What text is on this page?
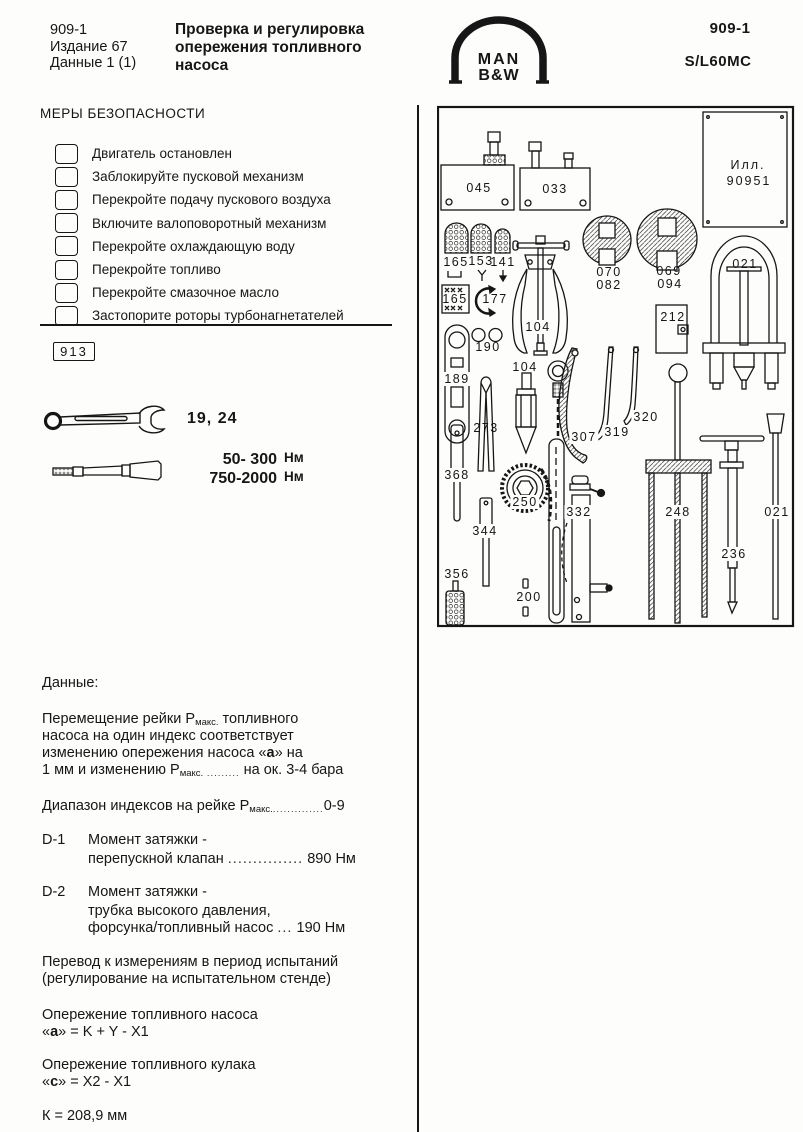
909-1
Издание 67
Данные 1 (1)
Проверка и регулировка
опережения топливного
насоса	MAN
B&W
909-1
S/L60MC
МЕРЫ БЕЗОПАСНОСТИ
Двигатель остановлен
Заблокируйте пусковой механизм
Перекройте подачу пускового воздуха
Включите валоповоротный механизм
Перекройте охлаждающую воду
Перекройте топливо
Перекройте смазочное масло
Застопорите роторы турбонагнетателей
913
19, 24
50- 300 Нм
750-2000 Нм
Данные:
Перемещение рейки $Р_{макс.}$ топливного
насоса на один индекс соответствует
изменению опережения насоса «a» на
1 мм и изменению $Р_{макс.}$ $_{.........}$ на ок. 3-4 бара
Диапазон индексов на рейке $Р_{макс...............}0-9$
D-1 Момент затяжки -
перепускной клапан ............... 890 Нм
D-2 Момент затяжки -
трубка высокого давления,
форсунка/топливный насос ... 190 Нм
Перевод к измерениям в период испытаний
(регулирование на испытательном стенде)
Опережение топливного насоса
«a» = K + Y - X1
Опережение топливного кулака
«c» = X2 - X1
К = 208,9 мм
Илл.
90951
045	033
165 153
141
070
082
069
094
021
165 177
104
212
190
189
104
273
307 319
320
368
344
250
332	248
236
021
356
200
